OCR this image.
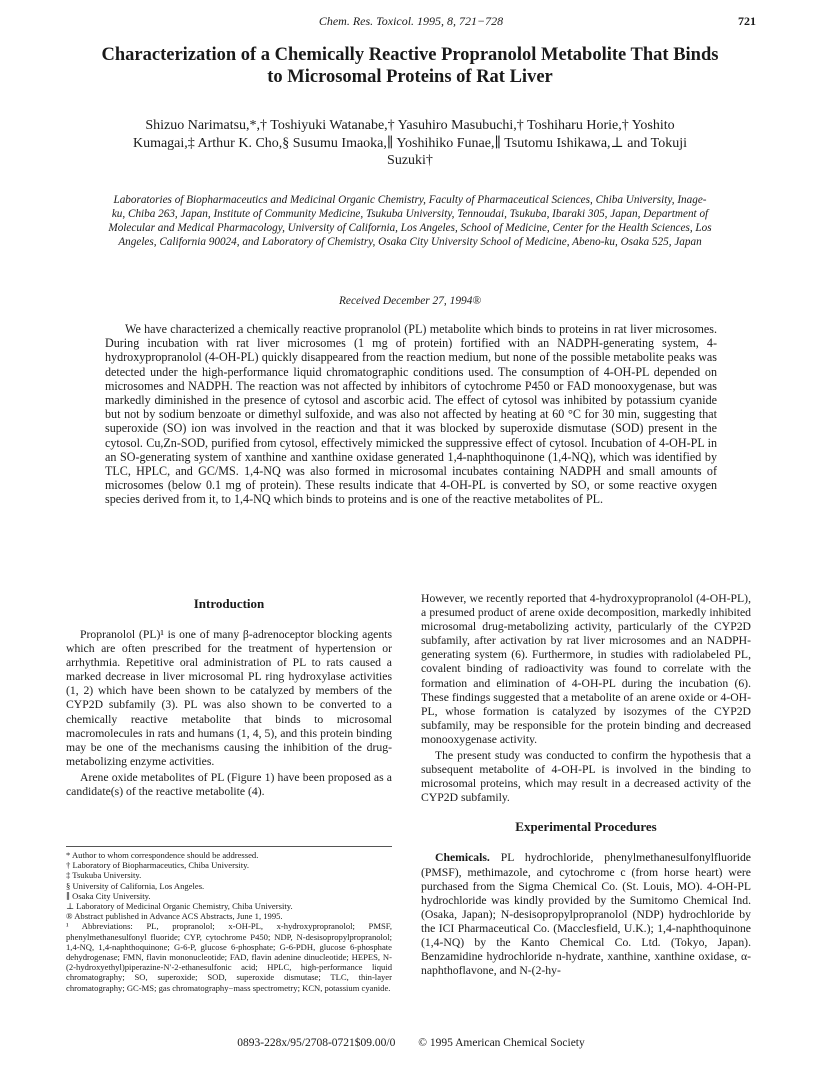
Chem. Res. Toxicol. 1995, 8, 721−728	721
Characterization of a Chemically Reactive Propranolol Metabolite That Binds to Microsomal Proteins of Rat Liver

Shizuo Narimatsu,*,† Toshiyuki Watanabe,† Yasuhiro Masubuchi,† Toshiharu Horie,† Yoshito Kumagai,‡ Arthur K. Cho,§ Susumu Imaoka,∥ Yoshihiko Funae,∥ Tsutomu Ishikawa,⊥ and Tokuji Suzuki†

Laboratories of Biopharmaceutics and Medicinal Organic Chemistry, Faculty of Pharmaceutical Sciences, Chiba University, Inage-ku, Chiba 263, Japan, Institute of Community Medicine, Tsukuba University, Tennoudai, Tsukuba, Ibaraki 305, Japan, Department of Molecular and Medical Pharmacology, University of California, Los Angeles, School of Medicine, Center for the Health Sciences, Los Angeles, California 90024, and Laboratory of Chemistry, Osaka City University School of Medicine, Abeno-ku, Osaka 525, Japan

Received December 27, 1994®

We have characterized a chemically reactive propranolol (PL) metabolite which binds to proteins in rat liver microsomes. During incubation with rat liver microsomes (1 mg of protein) fortified with an NADPH-generating system, 4-hydroxypropranolol (4-OH-PL) quickly disappeared from the reaction medium, but none of the possible metabolite peaks was detected under the high-performance liquid chromatographic conditions used. The consumption of 4-OH-PL depended on microsomes and NADPH. The reaction was not affected by inhibitors of cytochrome P450 or FAD monooxygenase, but was markedly diminished in the presence of cytosol and ascorbic acid. The effect of cytosol was inhibited by potassium cyanide but not by sodium benzoate or dimethyl sulfoxide, and was also not affected by heating at 60 °C for 30 min, suggesting that superoxide (SO) ion was involved in the reaction and that it was blocked by superoxide dismutase (SOD) present in the cytosol. Cu,Zn-SOD, purified from cytosol, effectively mimicked the suppressive effect of cytosol. Incubation of 4-OH-PL in an SO-generating system of xanthine and xanthine oxidase generated 1,4-naphthoquinone (1,4-NQ), which was identified by TLC, HPLC, and GC/MS. 1,4-NQ was also formed in microsomal incubates containing NADPH and small amounts of microsomes (below 0.1 mg of protein). These results indicate that 4-OH-PL is converted by SO, or some reactive oxygen species derived from it, to 1,4-NQ which binds to proteins and is one of the reactive metabolites of PL.

Introduction

Propranolol (PL)¹ is one of many β-adrenoceptor blocking agents which are often prescribed for the treatment of hypertension or arrhythmia. Repetitive oral administration of PL to rats caused a marked decrease in liver microsomal PL ring hydroxylase activities (1, 2) which have been shown to be catalyzed by members of the CYP2D subfamily (3). PL was also shown to be converted to a chemically reactive metabolite that binds to microsomal macromolecules in rats and humans (1, 4, 5), and this protein binding may be one of the mechanisms causing the inhibition of the drug-metabolizing enzyme activities.

Arene oxide metabolites of PL (Figure 1) have been proposed as a candidate(s) of the reactive metabolite (4).

* Author to whom correspondence should be addressed.

† Laboratory of Biopharmaceutics, Chiba University.

‡ Tsukuba University.

§ University of California, Los Angeles.

∥ Osaka City University.

⊥ Laboratory of Medicinal Organic Chemistry, Chiba University.

® Abstract published in Advance ACS Abstracts, June 1, 1995.

¹ Abbreviations: PL, propranolol; x-OH-PL, x-hydroxypropranolol; PMSF, phenylmethanesulfonyl fluoride; CYP, cytochrome P450; NDP, N-desisopropylpropranolol; 1,4-NQ, 1,4-naphthoquinone; G-6-P, glucose 6-phosphate; G-6-PDH, glucose 6-phosphate dehydrogenase; FMN, flavin mononucleotide; FAD, flavin adenine dinucleotide; HEPES, N-(2-hydroxyethyl)piperazine-N′-2-ethanesulfonic acid; HPLC, high-performance liquid chromatography; SO, superoxide; SOD, superoxide dismutase; TLC, thin-layer chromatography; GC-MS; gas chromatography−mass spectrometry; KCN, potassium cyanide.

However, we recently reported that 4-hydroxypropranolol (4-OH-PL), a presumed product of arene oxide decomposition, markedly inhibited microsomal drug-metabolizing activity, particularly of the CYP2D subfamily, after activation by rat liver microsomes and an NADPH-generating system (6). Furthermore, in studies with radiolabeled PL, covalent binding of radioactivity was found to correlate with the formation and elimination of 4-OH-PL during the incubation (6). These findings suggested that a metabolite of an arene oxide or 4-OH-PL, whose formation is catalyzed by isozymes of the CYP2D subfamily, may be responsible for the protein binding and decreased monooxygenase activity.

The present study was conducted to confirm the hypothesis that a subsequent metabolite of 4-OH-PL is involved in the binding to microsomal proteins, which may result in a decreased activity of the CYP2D subfamily.

Experimental Procedures

Chemicals. PL hydrochloride, phenylmethanesulfonylfluoride (PMSF), methimazole, and cytochrome c (from horse heart) were purchased from the Sigma Chemical Co. (St. Louis, MO). 4-OH-PL hydrochloride was kindly provided by the Sumitomo Chemical Ind. (Osaka, Japan); N-desisopropylpropranolol (NDP) hydrochloride by the ICI Pharmaceutical Co. (Macclesfield, U.K.); 1,4-naphthoquinone (1,4-NQ) by the Kanto Chemical Co. Ltd. (Tokyo, Japan). Benzamidine hydrochloride n-hydrate, xanthine, xanthine oxidase, α-naphthoflavone, and N-(2-hy-

0893-228x/95/2708-0721$09.00/0 © 1995 American Chemical Society
